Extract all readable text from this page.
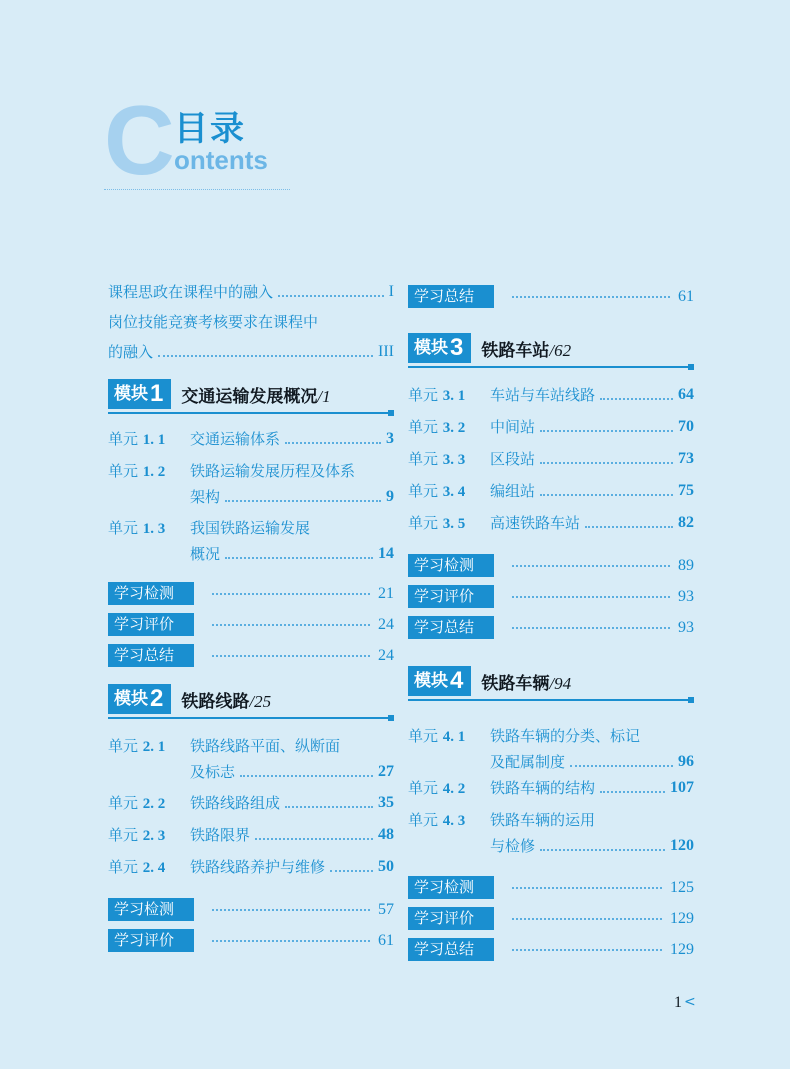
C 目录
ontents
课程思政在课程中的融入	I
岗位技能竞赛考核要求在课程中
的融入	III
模块 1 交通运输发展概况/1
单元 1. 1	交通运输体系	3
单元 1. 2	铁路运输发展历程及体系
架构	9
单元 1. 3	我国铁路运输发展
概况	14
学习检测	21
学习评价	24
学习总结	24
模块 2 铁路线路/25
单元 2. 1	铁路线路平面、纵断面
及标志	27
单元 2. 2	铁路线路组成	35
单元 2. 3	铁路限界	48
单元 2. 4	铁路线路养护与维修	50
学习检测	57
学习评价	61
学习总结	61
模块 3 铁路车站/62
单元 3. 1	车站与车站线路	64
单元 3. 2	中间站	70
单元 3. 3	区段站	73
单元 3. 4	编组站	75
单元 3. 5	高速铁路车站	82
学习检测	89
学习评价	93
学习总结	93
模块 4 铁路车辆/94
单元 4. 1	铁路车辆的分类、标记
及配属制度	96
单元 4. 2	铁路车辆的结构	107
单元 4. 3	铁路车辆的运用
与检修	120
学习检测	125
学习评价	129
学习总结	129
1 <
